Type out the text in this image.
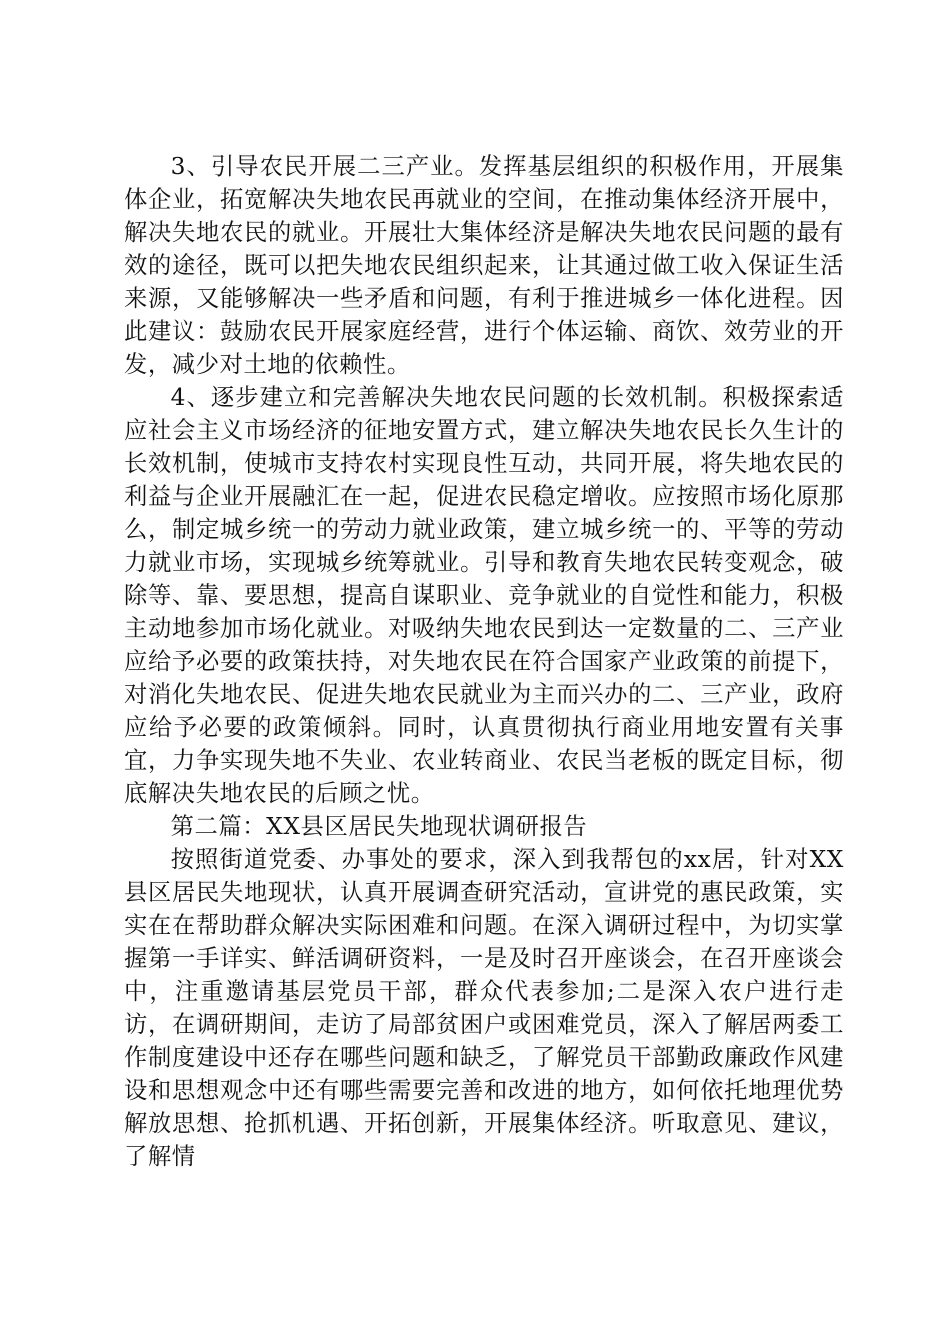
3、引导农民开展二三产业。发挥基层组织的积极作用，开展集体企业，拓宽解决失地农民再就业的空间，在推动集体经济开展中，解决失地农民的就业。开展壮大集体经济是解决失地农民问题的最有效的途径，既可以把失地农民组织起来，让其通过做工收入保证生活来源，又能够解决一些矛盾和问题，有利于推进城乡一体化进程。因此建议：鼓励农民开展家庭经营，进行个体运输、商饮、效劳业的开发，减少对土地的依赖性。

4、逐步建立和完善解决失地农民问题的长效机制。积极探索适应社会主义市场经济的征地安置方式，建立解决失地农民长久生计的长效机制，使城市支持农村实现良性互动，共同开展，将失地农民的利益与企业开展融汇在一起，促进农民稳定增收。应按照市场化原那么，制定城乡统一的劳动力就业政策，建立城乡统一的、平等的劳动力就业市场，实现城乡统筹就业。引导和教育失地农民转变观念，破除等、靠、要思想，提高自谋职业、竞争就业的自觉性和能力，积极主动地参加市场化就业。对吸纳失地农民到达一定数量的二、三产业应给予必要的政策扶持，对失地农民在符合国家产业政策的前提下，对消化失地农民、促进失地农民就业为主而兴办的二、三产业，政府应给予必要的政策倾斜。同时，认真贯彻执行商业用地安置有关事宜，力争实现失地不失业、农业转商业、农民当老板的既定目标，彻底解决失地农民的后顾之忧。

第二篇：XX县区居民失地现状调研报告

按照街道党委、办事处的要求，深入到我帮包的xx居，针对XX县区居民失地现状，认真开展调查研究活动，宣讲党的惠民政策，实实在在帮助群众解决实际困难和问题。在深入调研过程中，为切实掌握第一手详实、鲜活调研资料，一是及时召开座谈会，在召开座谈会中，注重邀请基层党员干部，群众代表参加;二是深入农户进行走访，在调研期间，走访了局部贫困户或困难党员，深入了解居两委工作制度建设中还存在哪些问题和缺乏，了解党员干部勤政廉政作风建设和思想观念中还有哪些需要完善和改进的地方，如何依托地理优势解放思想、抢抓机遇、开拓创新，开展集体经济。听取意见、建议，了解情
